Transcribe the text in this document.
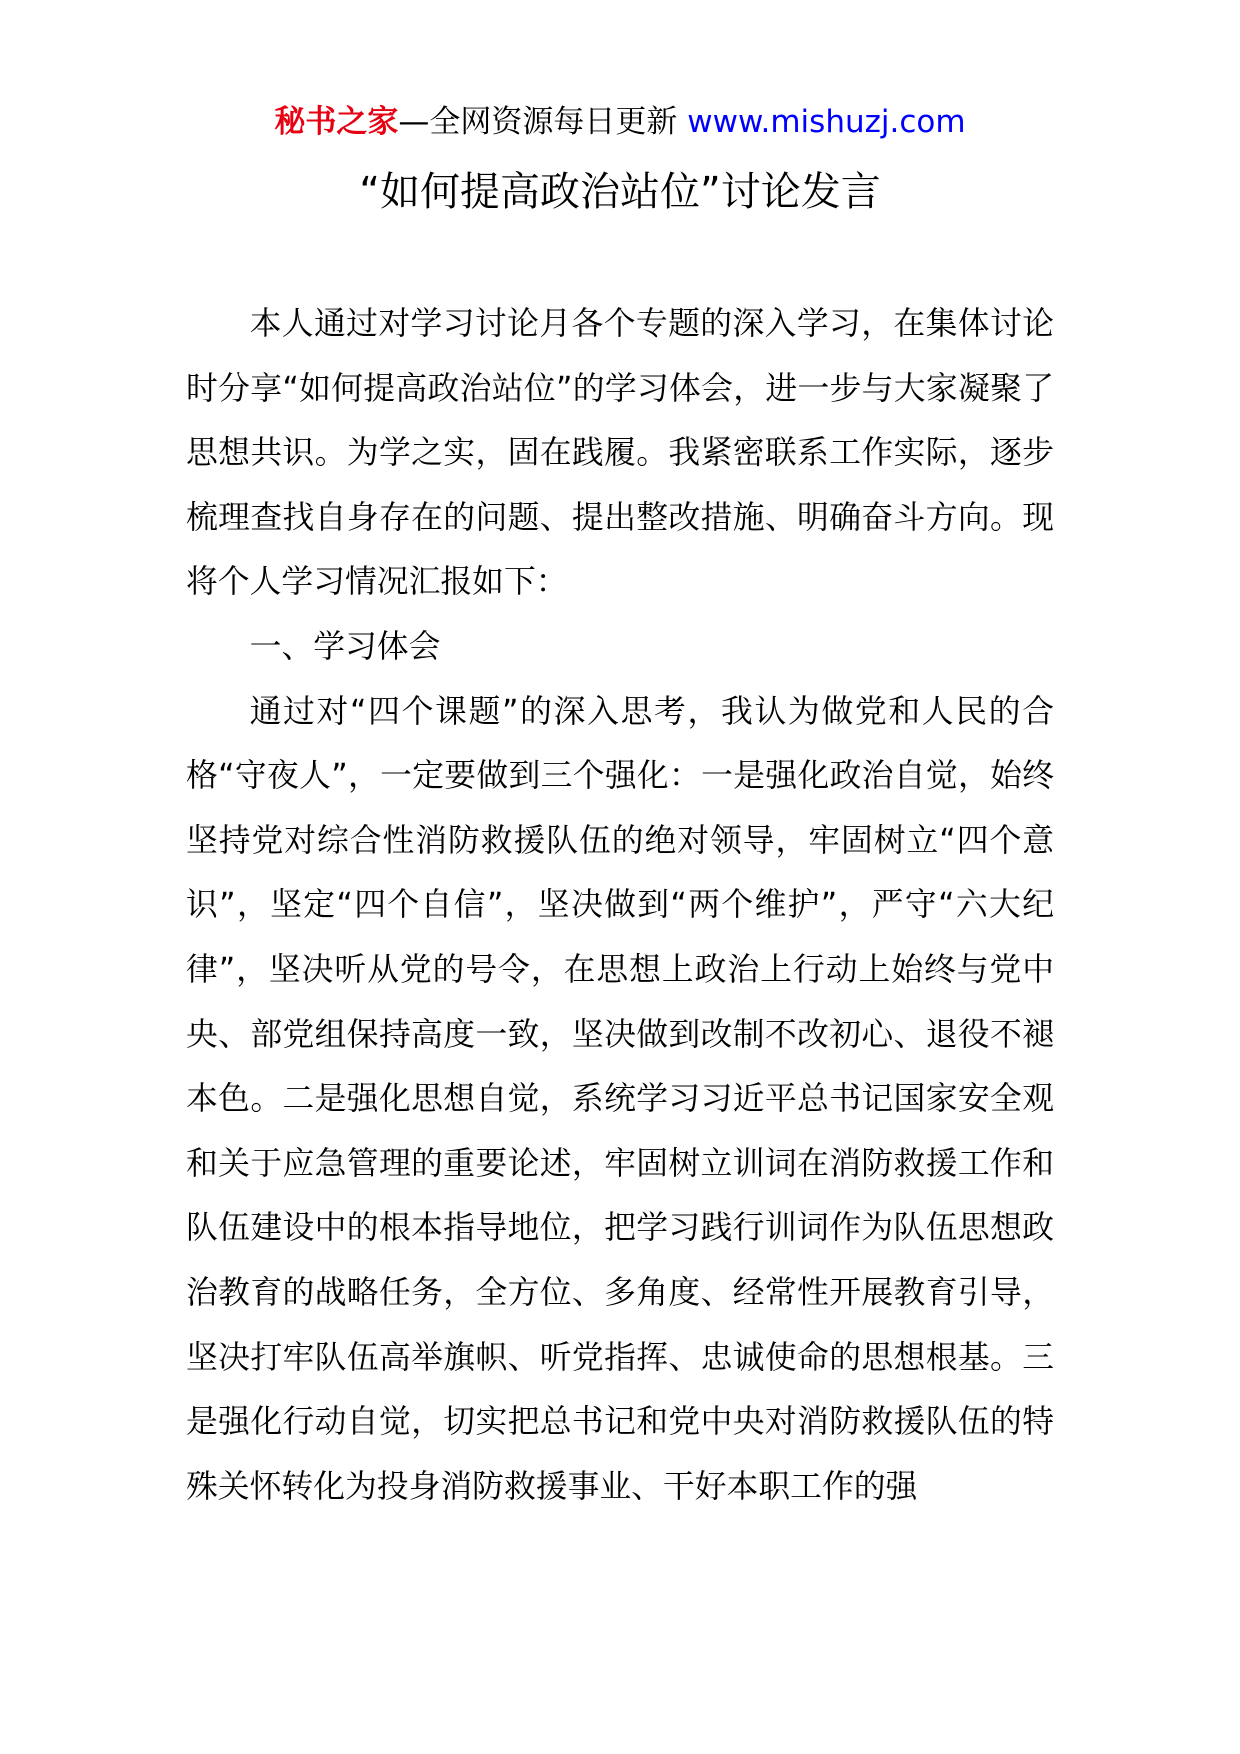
秘书之家—全网资源每日更新 www.mishuzj.com
“如何提高政治站位”讨论发言

本人通过对学习讨论月各个专题的深入学习，在集体讨论时分享“如何提高政治站位”的学习体会，进一步与大家凝聚了思想共识。为学之实，固在践履。我紧密联系工作实际，逐步梳理查找自身存在的问题、提出整改措施、明确奋斗方向。现将个人学习情况汇报如下：

一、学习体会

通过对“四个课题”的深入思考，我认为做党和人民的合格“守夜人”，一定要做到三个强化：一是强化政治自觉，始终坚持党对综合性消防救援队伍的绝对领导，牢固树立“四个意识”，坚定“四个自信”，坚决做到“两个维护”，严守“六大纪律”，坚决听从党的号令，在思想上政治上行动上始终与党中央、部党组保持高度一致，坚决做到改制不改初心、退役不褪本色。二是强化思想自觉，系统学习习近平总书记国家安全观和关于应急管理的重要论述，牢固树立训词在消防救援工作和队伍建设中的根本指导地位，把学习践行训词作为队伍思想政治教育的战略任务，全方位、多角度、经常性开展教育引导，坚决打牢队伍高举旗帜、听党指挥、忠诚使命的思想根基。三是强化行动自觉，切实把总书记和党中央对消防救援队伍的特殊关怀转化为投身消防救援事业、干好本职工作的强
